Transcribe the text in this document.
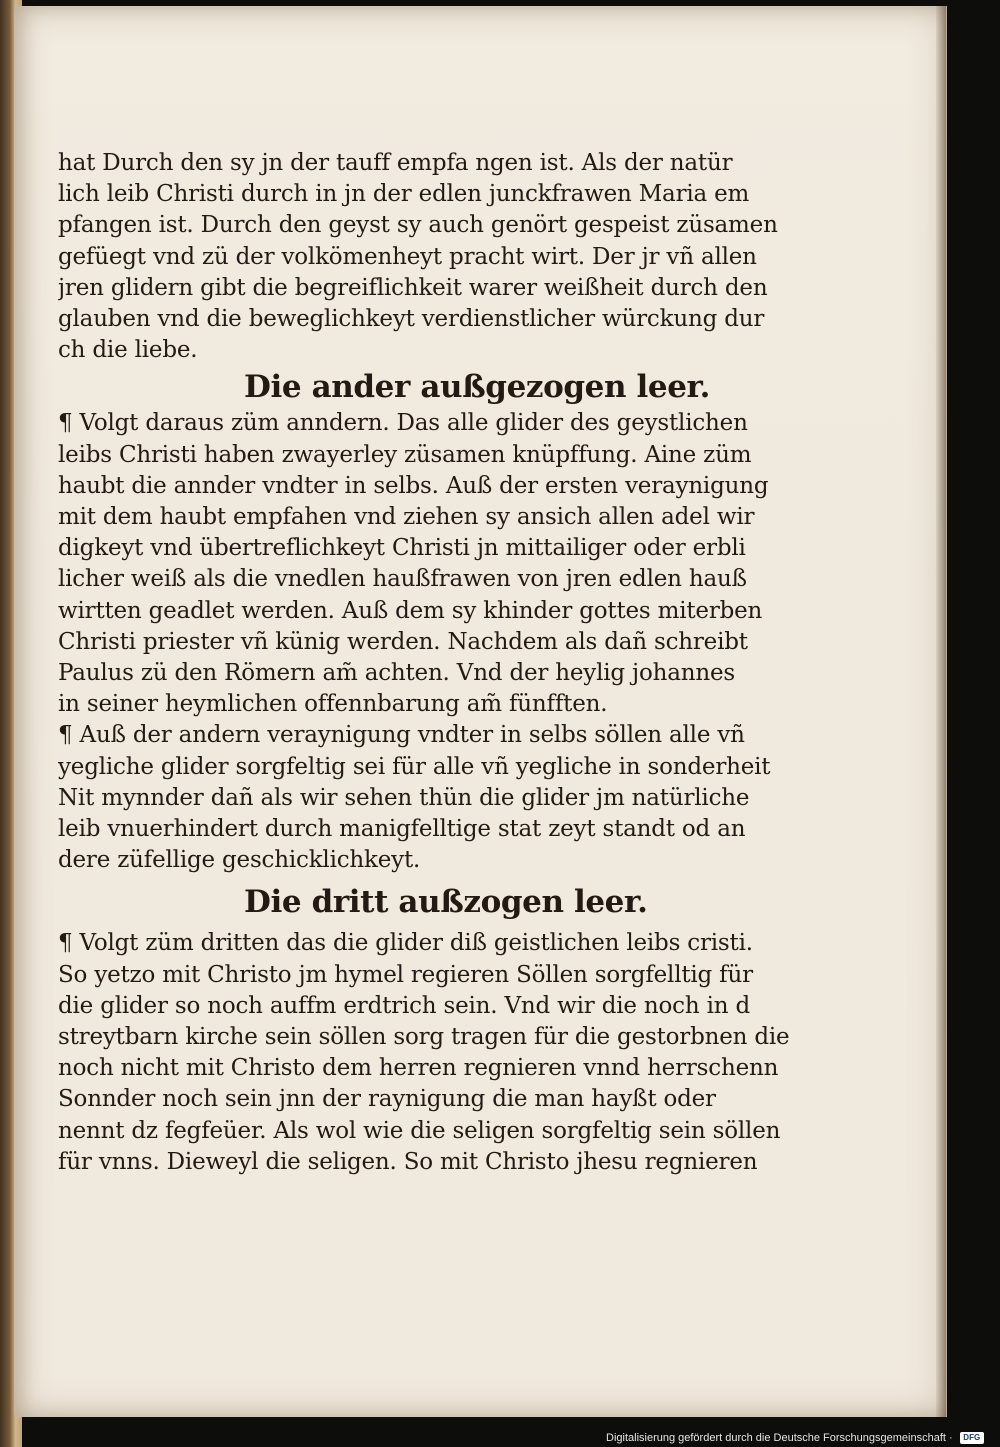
hat Durch den sy jn der tauff empfa ngen ist. Als der natür
lich leib Christi durch in jn der edlen junckfrawen Maria em
pfangen ist. Durch den geyst sy auch genört gespeist züsamen
gefüegt vnd zü der volkömenheyt pracht wirt. Der jr vñ allen
jren glidern gibt die begreiflichkeit warer weißheit durch den
glauben vnd die beweglichkeyt verdienstlicher würckung dur
ch die liebe.
Die ander außgezogen leer.
¶ Volgt daraus züm anndern. Das alle glider des geystlichen
leibs Christi haben zwayerley züsamen knüpffung. Aine züm
haubt die annder vndter in selbs. Auß der ersten veraynigung
mit dem haubt empfahen vnd ziehen sy ansich allen adel wir
digkeyt vnd übertreflichkeyt Christi jn mittailiger oder erbli
licher weiß als die vnedlen haußfrawen von jren edlen hauß
wirtten geadlet werden. Auß dem sy khinder gottes miterben
Christi priester vñ künig werden. Nachdem als dañ schreibt
Paulus zü den Römern am̃ achten. Vnd der heylig johannes
in seiner heymlichen offennbarung am̃ fünfften.
¶ Auß der andern veraynigung vndter in selbs söllen alle vñ
yegliche glider sorgfeltig sei für alle vñ yegliche in sonderheit
Nit mynnder dañ als wir sehen thün die glider jm natürliche
leib vnuerhindert durch manigfelltige stat zeyt standt od an
dere züfellige geschicklichkeyt.
Die dritt außzogen leer.
¶ Volgt züm dritten das die glider diß geistlichen leibs cristi.
So yetzo mit Christo jm hymel regieren Söllen sorgfelltig für
die glider so noch auffm erdtrich sein. Vnd wir die noch in d
streytbarn kirche sein söllen sorg tragen für die gestorbnen die
noch nicht mit Christo dem herren regnieren vnnd herrschenn
Sonnder noch sein jnn der raynigung die man hayßt oder
nennt dz fegfeüer. Als wol wie die seligen sorgfeltig sein söllen
für vnns. Dieweyl die seligen. So mit Christo jhesu regnieren
Digitalisierung gefördert durch die Deutsche Forschungsgemeinschaft · DFG
